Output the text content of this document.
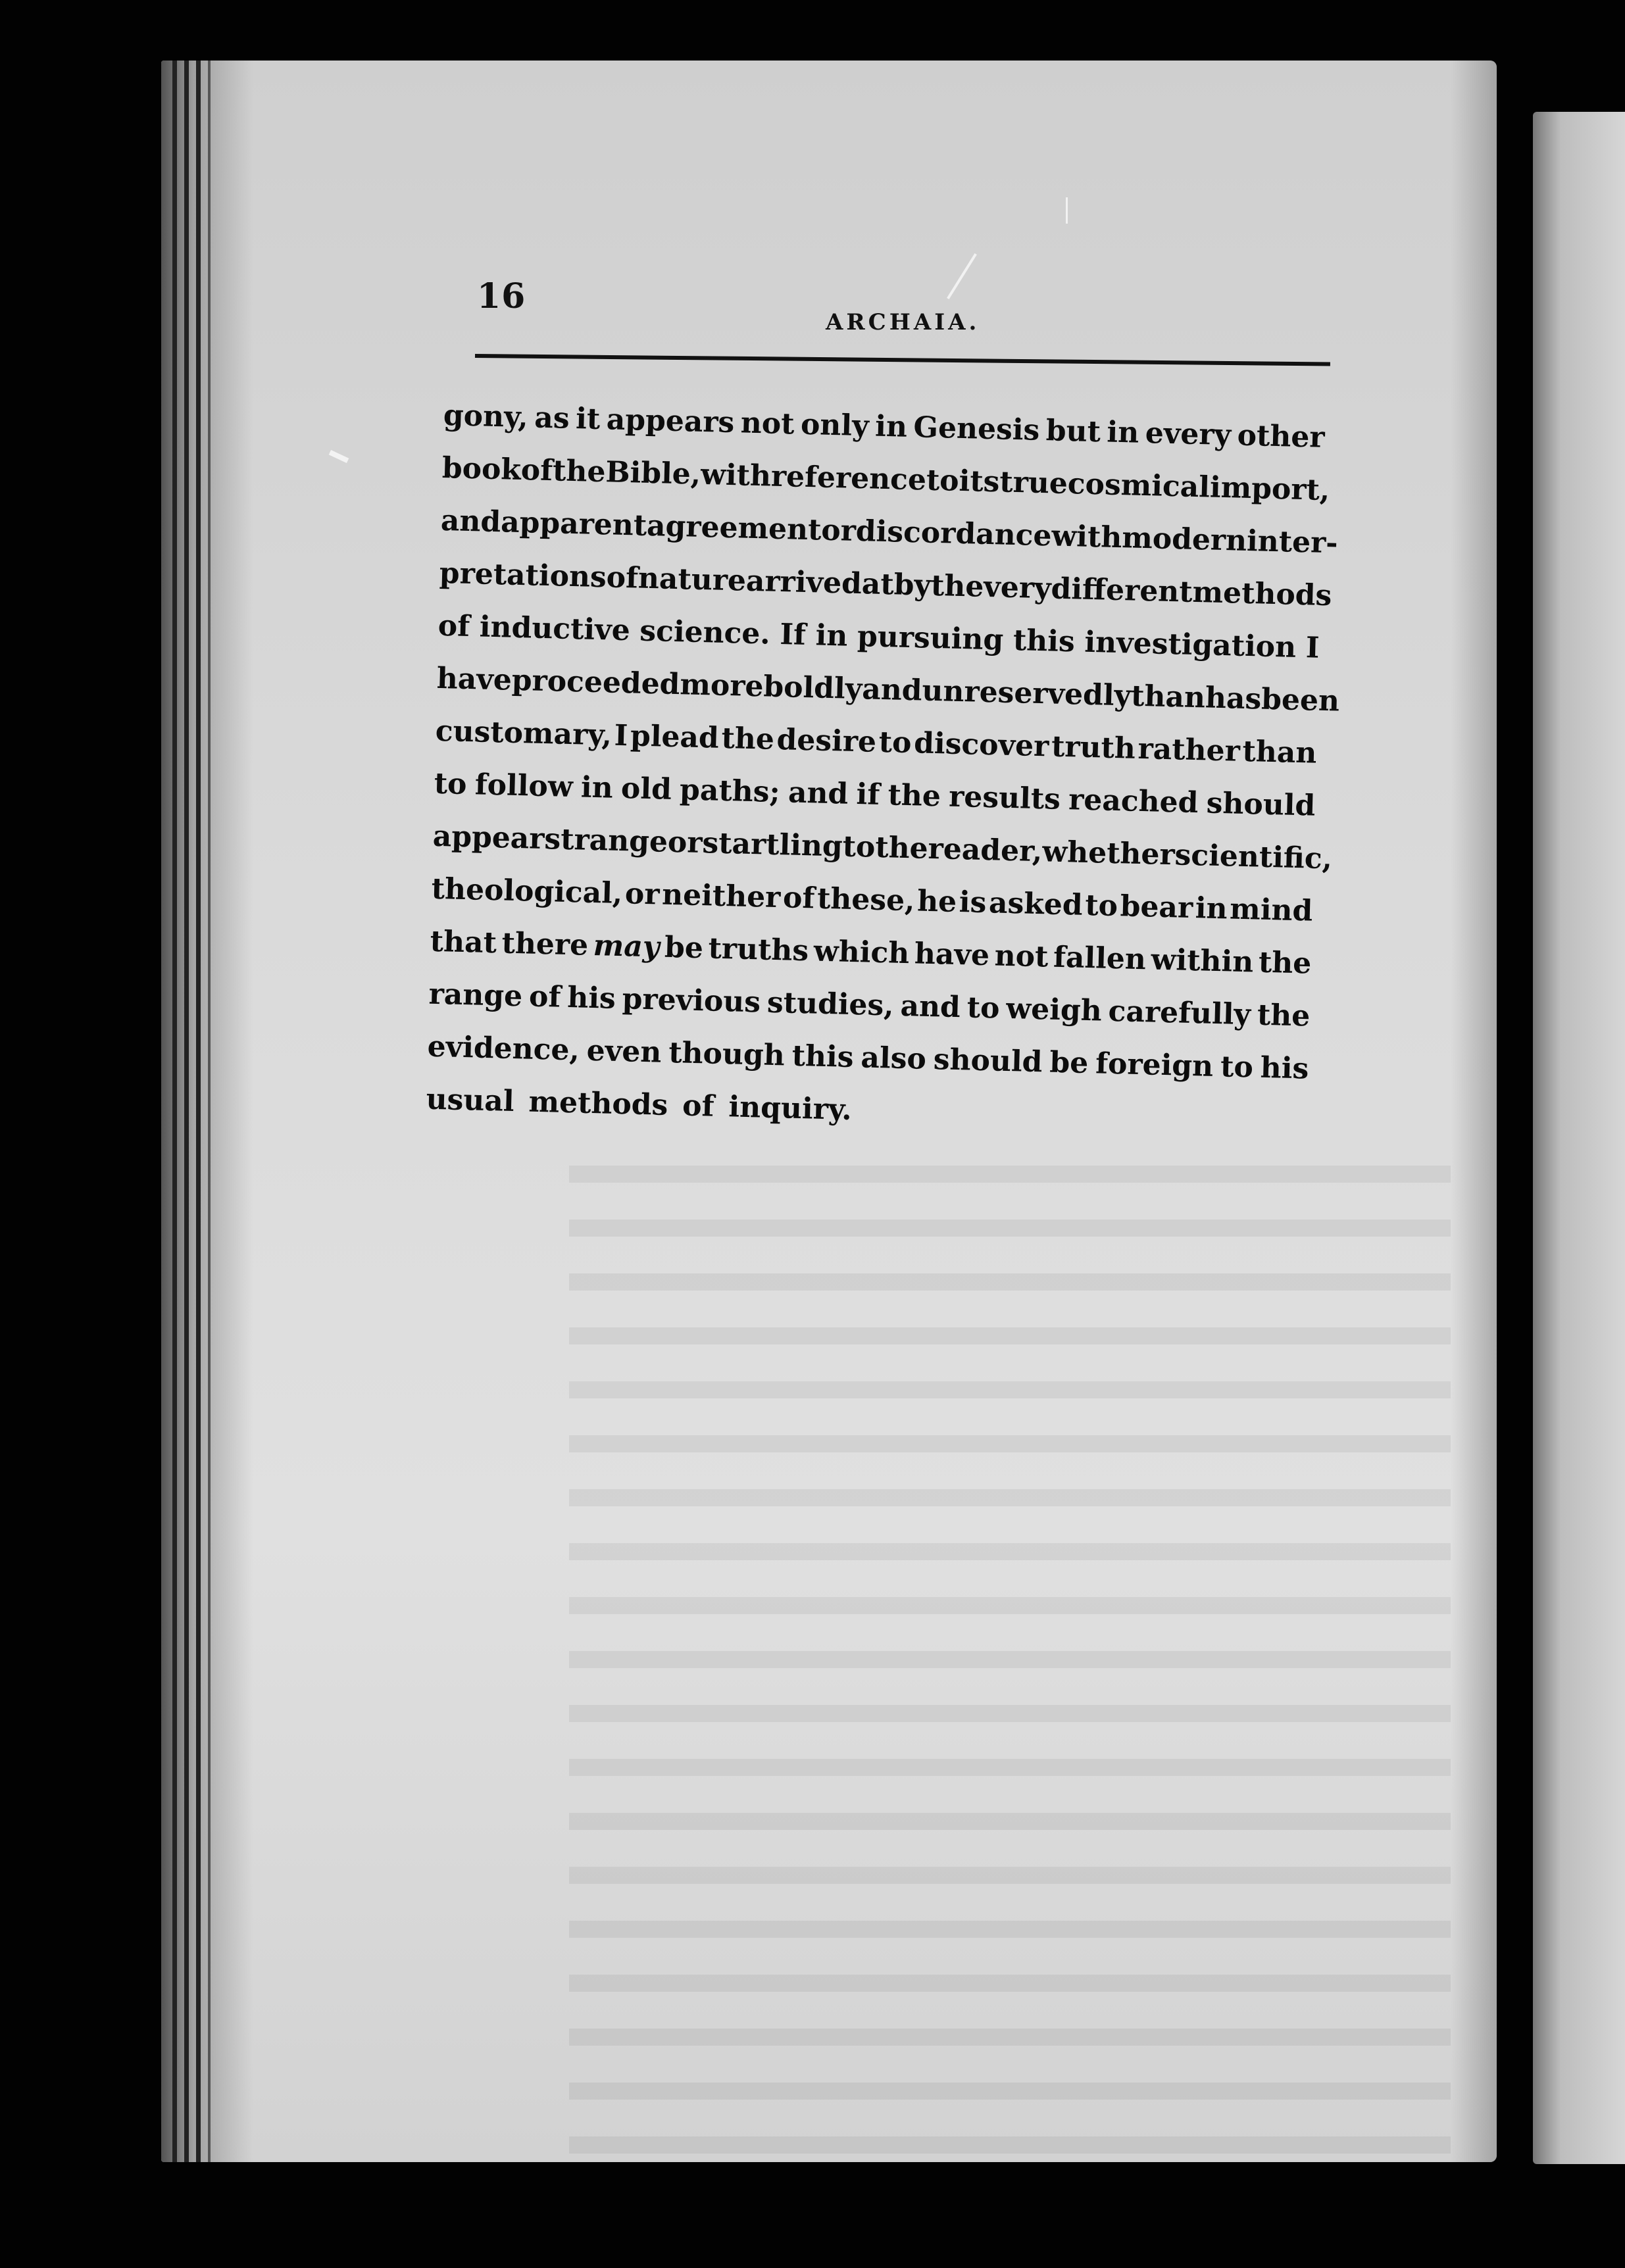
16
ARCHAIA.
gony, as it appears not only in Genesis but in every other
book
of
the
Bible,
with
reference
to
its
true
cosmical
import,
and
apparent
agreement
or
discordance
with
modern
inter-
pretations
of
nature
arrived
at
by
the
very
different
methods
of inductive science. If in pursuing this investigation I
have
proceeded
more
boldly
and
unreservedly
than
has
been
customary, I plead the desire to discover truth rather than
to follow in old paths; and if the results reached should
appear
strange
or
startling
to
the
reader,
whether
scientific,
theological, or neither of these, he is asked to bear in mind
that there may be truths which have not fallen within the
range of his previous studies, and to weigh carefully the
evidence, even though this also should be foreign to his
usual methods of inquiry.
